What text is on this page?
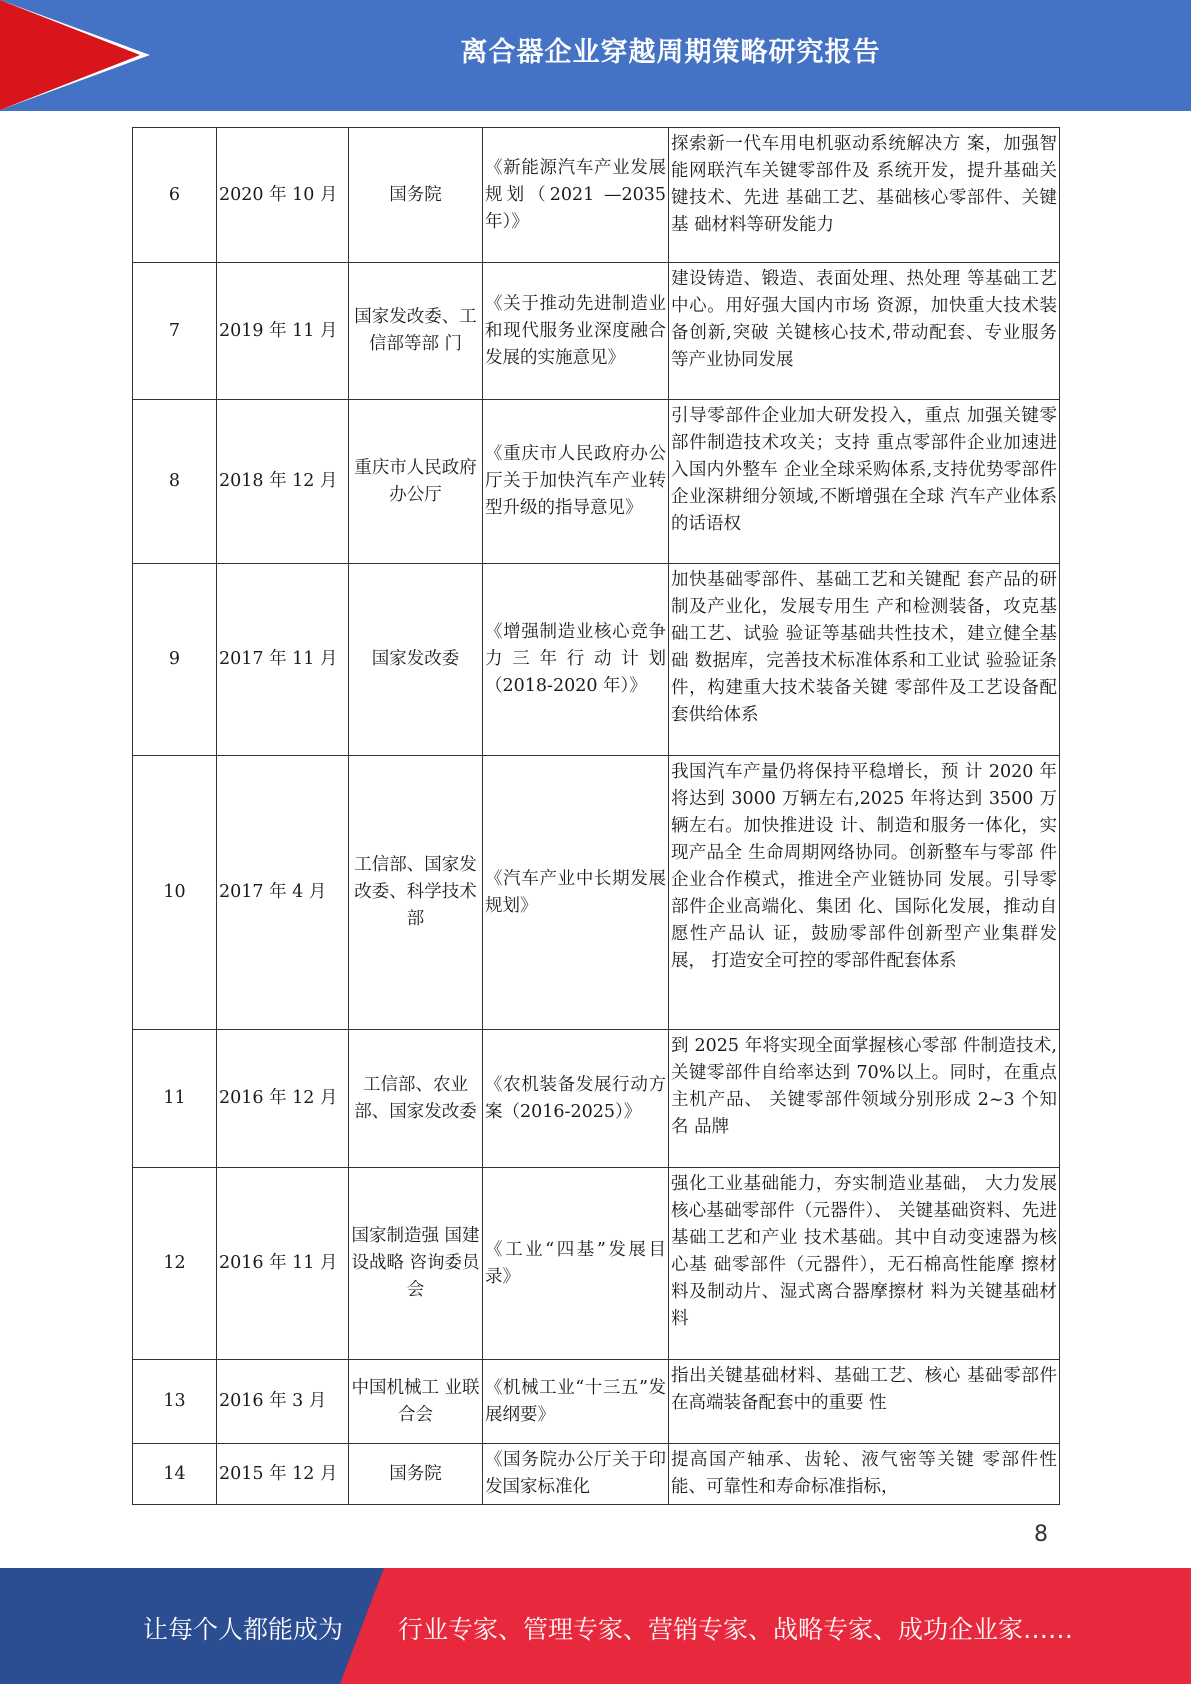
离合器企业穿越周期策略研究报告
6	2020 年 10 月	国务院	《新能源汽车产业发展规划（2021 —2035 年）》	探索新一代车用电机驱动系统解决方 案，加强智能网联汽车关键零部件及 系统开发，提升基础关键技术、先进 基础工艺、基础核心零部件、关键基 础材料等研发能力
7	2019 年 11 月	国家发改委、工信部等部 门	《关于推动先进制造业和现代服务业深度融合发展的实施意见》	建设铸造、锻造、表面处理、热处理 等基础工艺中心。用好强大国内市场 资源，加快重大技术装备创新,突破 关键核心技术,带动配套、专业服务 等产业协同发展
8	2018 年 12 月	重庆市人民政府办公厅	《重庆市人民政府办公厅关于加快汽车产业转型升级的指导意见》	引导零部件企业加大研发投入，重点 加强关键零部件制造技术攻关；支持 重点零部件企业加速进入国内外整车 企业全球采购体系,支持优势零部件 企业深耕细分领域,不断增强在全球 汽车产业体系的话语权
9	2017 年 11 月	国家发改委	《增强制造业核心竞争力三年行动计划（2018-2020 年）》	加快基础零部件、基础工艺和关键配 套产品的研制及产业化，发展专用生 产和检测装备，攻克基础工艺、试验 验证等基础共性技术，建立健全基础 数据库，完善技术标准体系和工业试 验验证条件，构建重大技术装备关键 零部件及工艺设备配套供给体系
10	2017 年 4 月	工信部、国家发改委、科学技术部	《汽车产业中长期发展规划》	我国汽车产量仍将保持平稳增长，预 计 2020 年将达到 3000 万辆左右,2025 年将达到 3500 万辆左右。加快推进设 计、制造和服务一体化，实现产品全 生命周期网络协同。创新整车与零部 件企业合作模式，推进全产业链协同 发展。引导零部件企业高端化、集团 化、国际化发展，推动自愿性产品认 证，鼓励零部件创新型产业集群发展， 打造安全可控的零部件配套体系
11	2016 年 12 月	工信部、农业部、国家发改委	《农机装备发展行动方案（2016-2025）》	到 2025 年将实现全面掌握核心零部 件制造技术,关键零部件自给率达到 70%以上。同时，在重点主机产品、 关键零部件领域分别形成 2~3 个知名 品牌
12	2016 年 11 月	国家制造强 国建设战略 咨询委员会	《工业“四基”发展目录》	强化工业基础能力，夯实制造业基础， 大力发展核心基础零部件（元器件）、 关键基础资料、先进基础工艺和产业 技术基础。其中自动变速器为核心基 础零部件（元器件），无石棉高性能摩 擦材料及制动片、湿式离合器摩擦材 料为关键基础材料
13	2016 年 3 月	中国机械工 业联合会	《机械工业“十三五”发展纲要》	指出关键基础材料、基础工艺、核心 基础零部件在高端装备配套中的重要 性
14	2015 年 12 月	国务院	《国务院办公厅关于印发国家标准化	提高国产轴承、齿轮、液气密等关键 零部件性能、可靠性和寿命标准指标，
8
让每个人都能成为 行业专家、管理专家、营销专家、战略专家、成功企业家……
